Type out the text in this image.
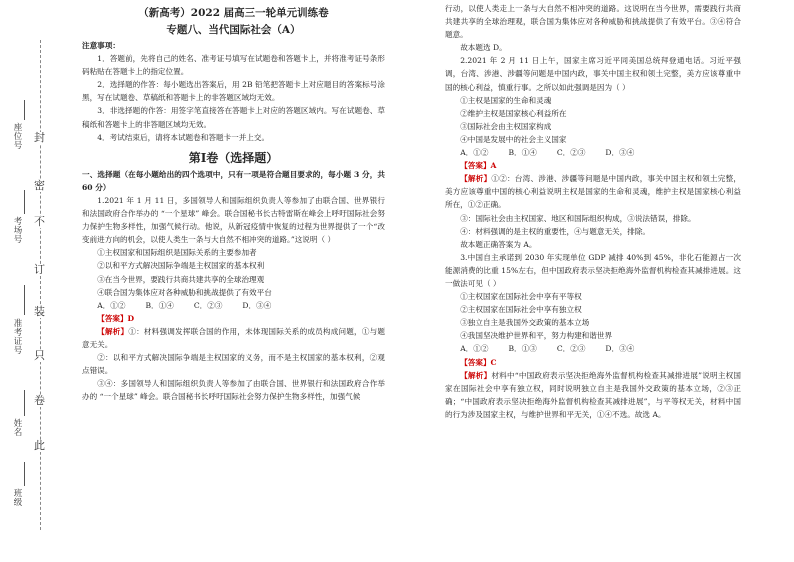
封
密
不
订
装
只
卷
此
座位号
考场号
准考证号
姓名
班级

（新高考）2022 届高三一轮单元训练卷

专题八、当代国际社会（A）

注意事项：

1．答题前，先将自己的姓名、准考证号填写在试题卷和答题卡上，并将准考证号条形码粘贴在答题卡上的指定位置。

2．选择题的作答：每小题选出答案后，用 2B 铅笔把答题卡上对应题目的答案标号涂黑，写在试题卷、草稿纸和答题卡上的非答题区域均无效。

3．非选择题的作答：用签字笔直接答在答题卡上对应的答题区域内。写在试题卷、草稿纸和答题卡上的非答题区域均无效。

4．考试结束后，请将本试题卷和答题卡一并上交。

第Ⅰ卷（选择题）

一、选择题（在每小题给出的四个选项中，只有一项是符合题目要求的，每小题 3 分，共 60 分）

1.2021 年 1 月 11 日，多国领导人和国际组织负责人等参加了由联合国、世界银行和法国政府合作举办的 “一个星球” 峰会。联合国秘书长古特雷斯在峰会上呼吁国际社会努力保护生物多样性，加强气候行动。他说，从新冠疫情中恢复的过程为世界提供了一个“改变前进方向的机会，以使人类生一条与大自然不相冲突的道路。”这说明（ ）

①主权国家和国际组织是国际关系的主要参加者

②以和平方式解决国际争端是主权国家的基本权利

③在当今世界，要践行共商共建共享的全球治理观

④联合国为集体应对各种威胁和挑战提供了有效平台

A．①②	B．①④	C．②③	D．③④

【答案】D

【解析】①：材料强调发挥联合国的作用，未体现国际关系的成员构成问题，①与题意无关。

②：以和平方式解决国际争端是主权国家的义务，而不是主权国家的基本权利，②观点错误。

③④：多国领导人和国际组织负责人等参加了由联合国、世界银行和法国政府合作举办的 “一个星球” 峰会。联合国秘书长呼吁国际社会努力保护生物多样性，加强气候

行动，以使人类走上一条与大自然不相冲突的道路。这说明在当今世界，需要践行共商共建共享的全球治理观，联合国为集体应对各种威胁和挑战提供了有效平台。③④符合题意。

故本题选 D。

2.2021 年 2 月 11 日上午，国家主席习近平同美国总统拜登通电话。习近平强调，台湾、涉港、涉疆等问题是中国内政，事关中国主权和领土完整，美方应该尊重中国的核心利益，慎重行事。之所以如此强调是因为（ ）

①主权是国家的生命和灵魂

②维护主权是国家核心利益所在

③国际社会由主权国家构成

④中国是发展中的社会主义国家

A．①②	B．①④	C．②③	D．③④

【答案】A

【解析】①②：台湾、涉港、涉疆等问题是中国内政，事关中国主权和领土完整，美方应该尊重中国的核心利益说明主权是国家的生命和灵魂，维护主权是国家核心利益所在，①②正确。

③：国际社会由主权国家、地区和国际组织构成，③说法错误，排除。

④：材料强调的是主权的重要性，④与题意无关，排除。

故本题正确答案为 A。

3.中国自主承诺到 2030 年实现单位 GDP 减排 40%到 45%，非化石能源占一次能源消费的比重 15%左右，但中国政府表示坚决拒绝海外监督机构检查其减排进展。这一做法可见（ ）

①主权国家在国际社会中享有平等权

②主权国家在国际社会中享有独立权

③独立自主是我国外交政策的基本立场

④我国坚决维护世界和平，努力构建和谐世界

A．①②	B．①③	C．②③	D．③④

【答案】C

【解析】材料中“中国政府表示坚决拒绝海外监督机构检查其减排进展”说明主权国家在国际社会中享有独立权，同时说明独立自主是我国外交政策的基本立场，②③正确；“中国政府表示坚决拒绝海外监督机构检查其减排进展”，与平等权无关，材料中国的行为涉及国家主权，与维护世界和平无关，①④不选。故选 A。
